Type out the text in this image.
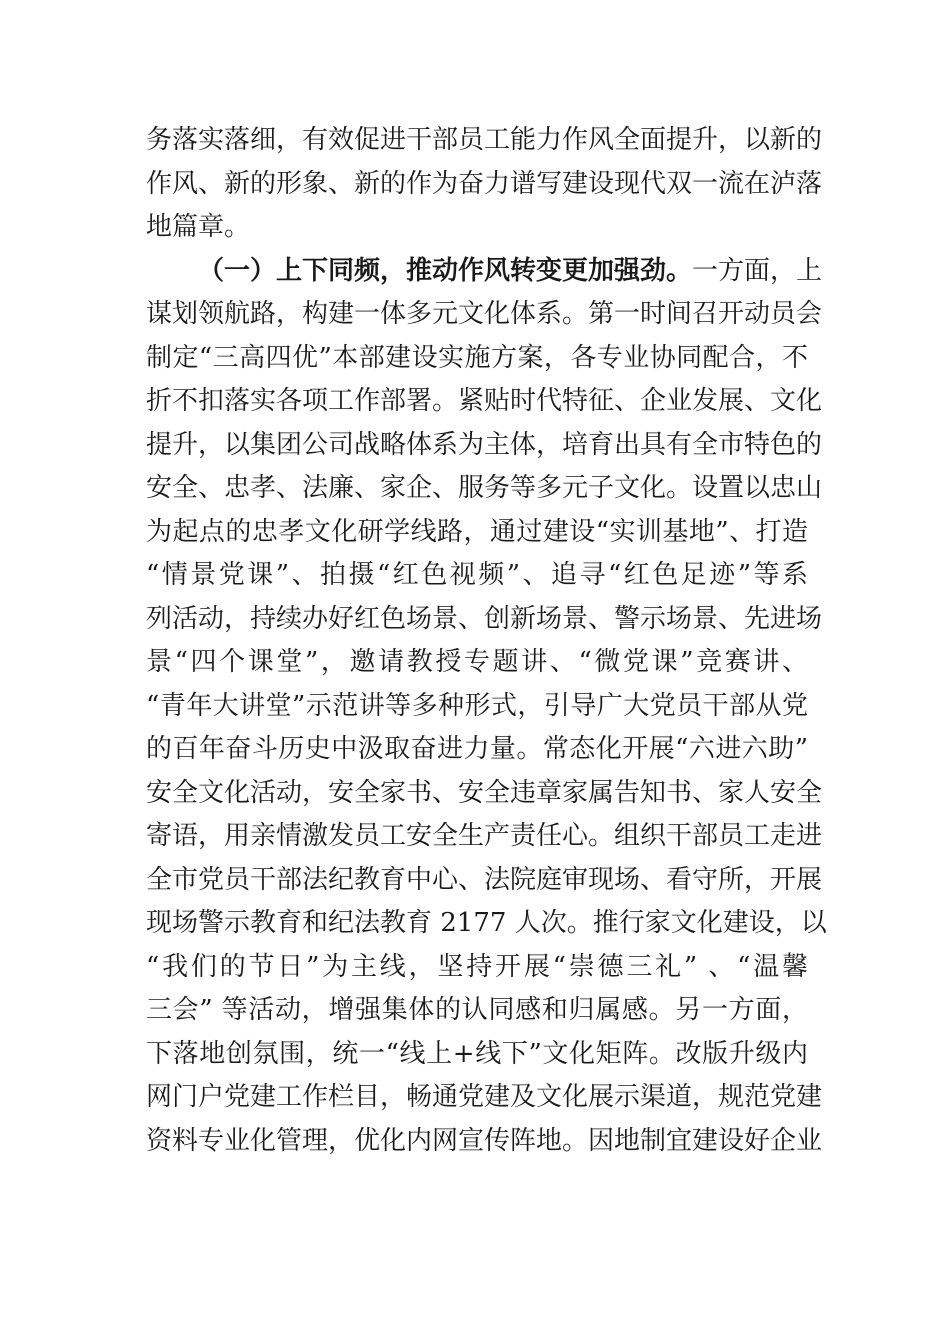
务落实落细，有效促进干部员工能力作风全面提升，以新的
作风、新的形象、新的作为奋力谱写建设现代双一流在泸落
地篇章。
（一）上下同频，推动作风转变更加强劲。一方面，上
谋划领航路，构建一体多元文化体系。第一时间召开动员会
制定“三高四优”本部建设实施方案，各专业协同配合，不
折不扣落实各项工作部署。紧贴时代特征、企业发展、文化
提升，以集团公司战略体系为主体，培育出具有全市特色的
安全、忠孝、法廉、家企、服务等多元子文化。设置以忠山
为起点的忠孝文化研学线路，通过建设“实训基地”、打造
“情景党课”、拍摄“红色视频”、追寻“红色足迹”等系
列活动，持续办好红色场景、创新场景、警示场景、先进场
景“四个课堂”，邀请教授专题讲、“微党课”竞赛讲、
“青年大讲堂”示范讲等多种形式，引导广大党员干部从党
的百年奋斗历史中汲取奋进力量。常态化开展“六进六助”
安全文化活动，安全家书、安全违章家属告知书、家人安全
寄语，用亲情激发员工安全生产责任心。组织干部员工走进
全市党员干部法纪教育中心、法院庭审现场、看守所，开展
现场警示教育和纪法教育 2177 人次。推行家文化建设，以
“我们的节日”为主线，坚持开展“崇德三礼” 、“温馨
三会” 等活动，增强集体的认同感和归属感。另一方面，
下落地创氛围，统一“线上+线下”文化矩阵。改版升级内
网门户党建工作栏目，畅通党建及文化展示渠道，规范党建
资料专业化管理，优化内网宣传阵地。因地制宜建设好企业
